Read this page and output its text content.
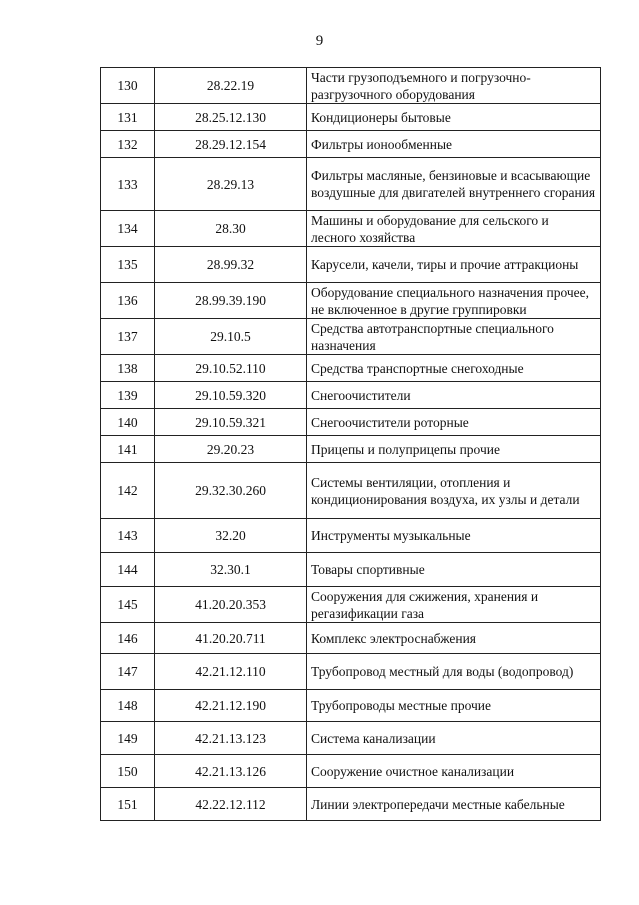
9
130	28.22.19	Части грузоподъемного и погрузочно-разгрузочного оборудования
131	28.25.12.130	Кондиционеры бытовые
132	28.29.12.154	Фильтры ионообменные
133	28.29.13	Фильтры масляные, бензиновые и всасывающие воздушные для двигателей внутреннего сгорания
134	28.30	Машины и оборудование для сельского и лесного хозяйства
135	28.99.32	Карусели, качели, тиры и прочие аттракционы
136	28.99.39.190	Оборудование специального назначения прочее, не включенное в другие группировки
137	29.10.5	Средства автотранспортные специального назначения
138	29.10.52.110	Средства транспортные снегоходные
139	29.10.59.320	Снегоочистители
140	29.10.59.321	Снегоочистители роторные
141	29.20.23	Прицепы и полуприцепы прочие
142	29.32.30.260	Системы вентиляции, отопления и кондиционирования воздуха, их узлы и детали
143	32.20	Инструменты музыкальные
144	32.30.1	Товары спортивные
145	41.20.20.353	Сооружения для сжижения, хранения и регазификации газа
146	41.20.20.711	Комплекс электроснабжения
147	42.21.12.110	Трубопровод местный для воды (водопровод)
148	42.21.12.190	Трубопроводы местные прочие
149	42.21.13.123	Система канализации
150	42.21.13.126	Сооружение очистное канализации
151	42.22.12.112	Линии электропередачи местные кабельные
